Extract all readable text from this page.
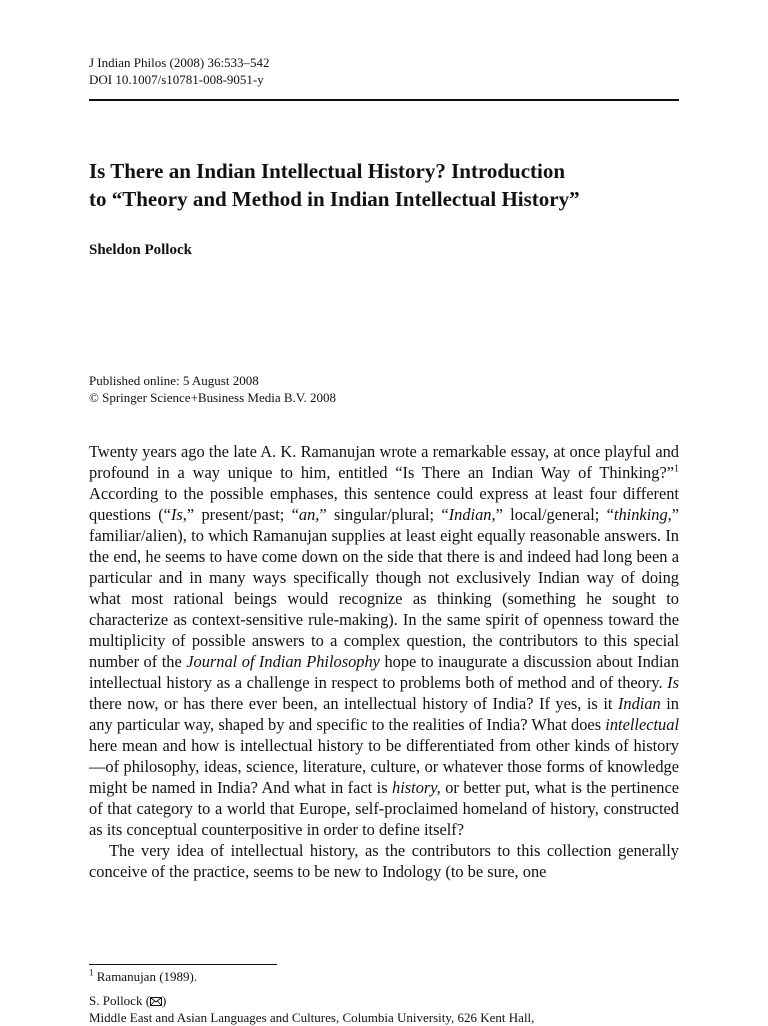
J Indian Philos (2008) 36:533–542
DOI 10.1007/s10781-008-9051-y
Is There an Indian Intellectual History? Introduction
to “Theory and Method in Indian Intellectual History”
Sheldon Pollock
Published online: 5 August 2008
© Springer Science+Business Media B.V. 2008

Twenty years ago the late A. K. Ramanujan wrote a remarkable essay, at once playful and profound in a way unique to him, entitled “Is There an Indian Way of Thinking?”$^1$ According to the possible emphases, this sentence could express at least four different questions (“Is,” present/past; “an,” singular/plural; “Indian,” local/general; “thinking,” familiar/alien), to which Ramanujan supplies at least eight equally reasonable answers. In the end, he seems to have come down on the side that there is and indeed had long been a particular and in many ways specifically though not exclusively Indian way of doing what most rational beings would recognize as thinking (something he sought to characterize as context-sensitive rule-making). In the same spirit of openness toward the multiplicity of possible answers to a complex question, the contributors to this special number of the Journal of Indian Philosophy hope to inaugurate a discussion about Indian intellectual history as a challenge in respect to problems both of method and of theory. Is there now, or has there ever been, an intellectual history of India? If yes, is it Indian in any particular way, shaped by and specific to the realities of India? What does intellectual here mean and how is intellectual history to be differentiated from other kinds of history—of philosophy, ideas, science, literature, culture, or whatever those forms of knowledge might be named in India? And what in fact is history, or better put, what is the pertinence of that category to a world that Europe, self-proclaimed homeland of history, constructed as its conceptual counterpositive in order to define itself?

The very idea of intellectual history, as the contributors to this collection generally conceive of the practice, seems to be new to Indology (to be sure, one

$^1$ Ramanujan (1989).
S. Pollock ( )
Middle East and Asian Languages and Cultures, Columbia University, 626 Kent Hall,
